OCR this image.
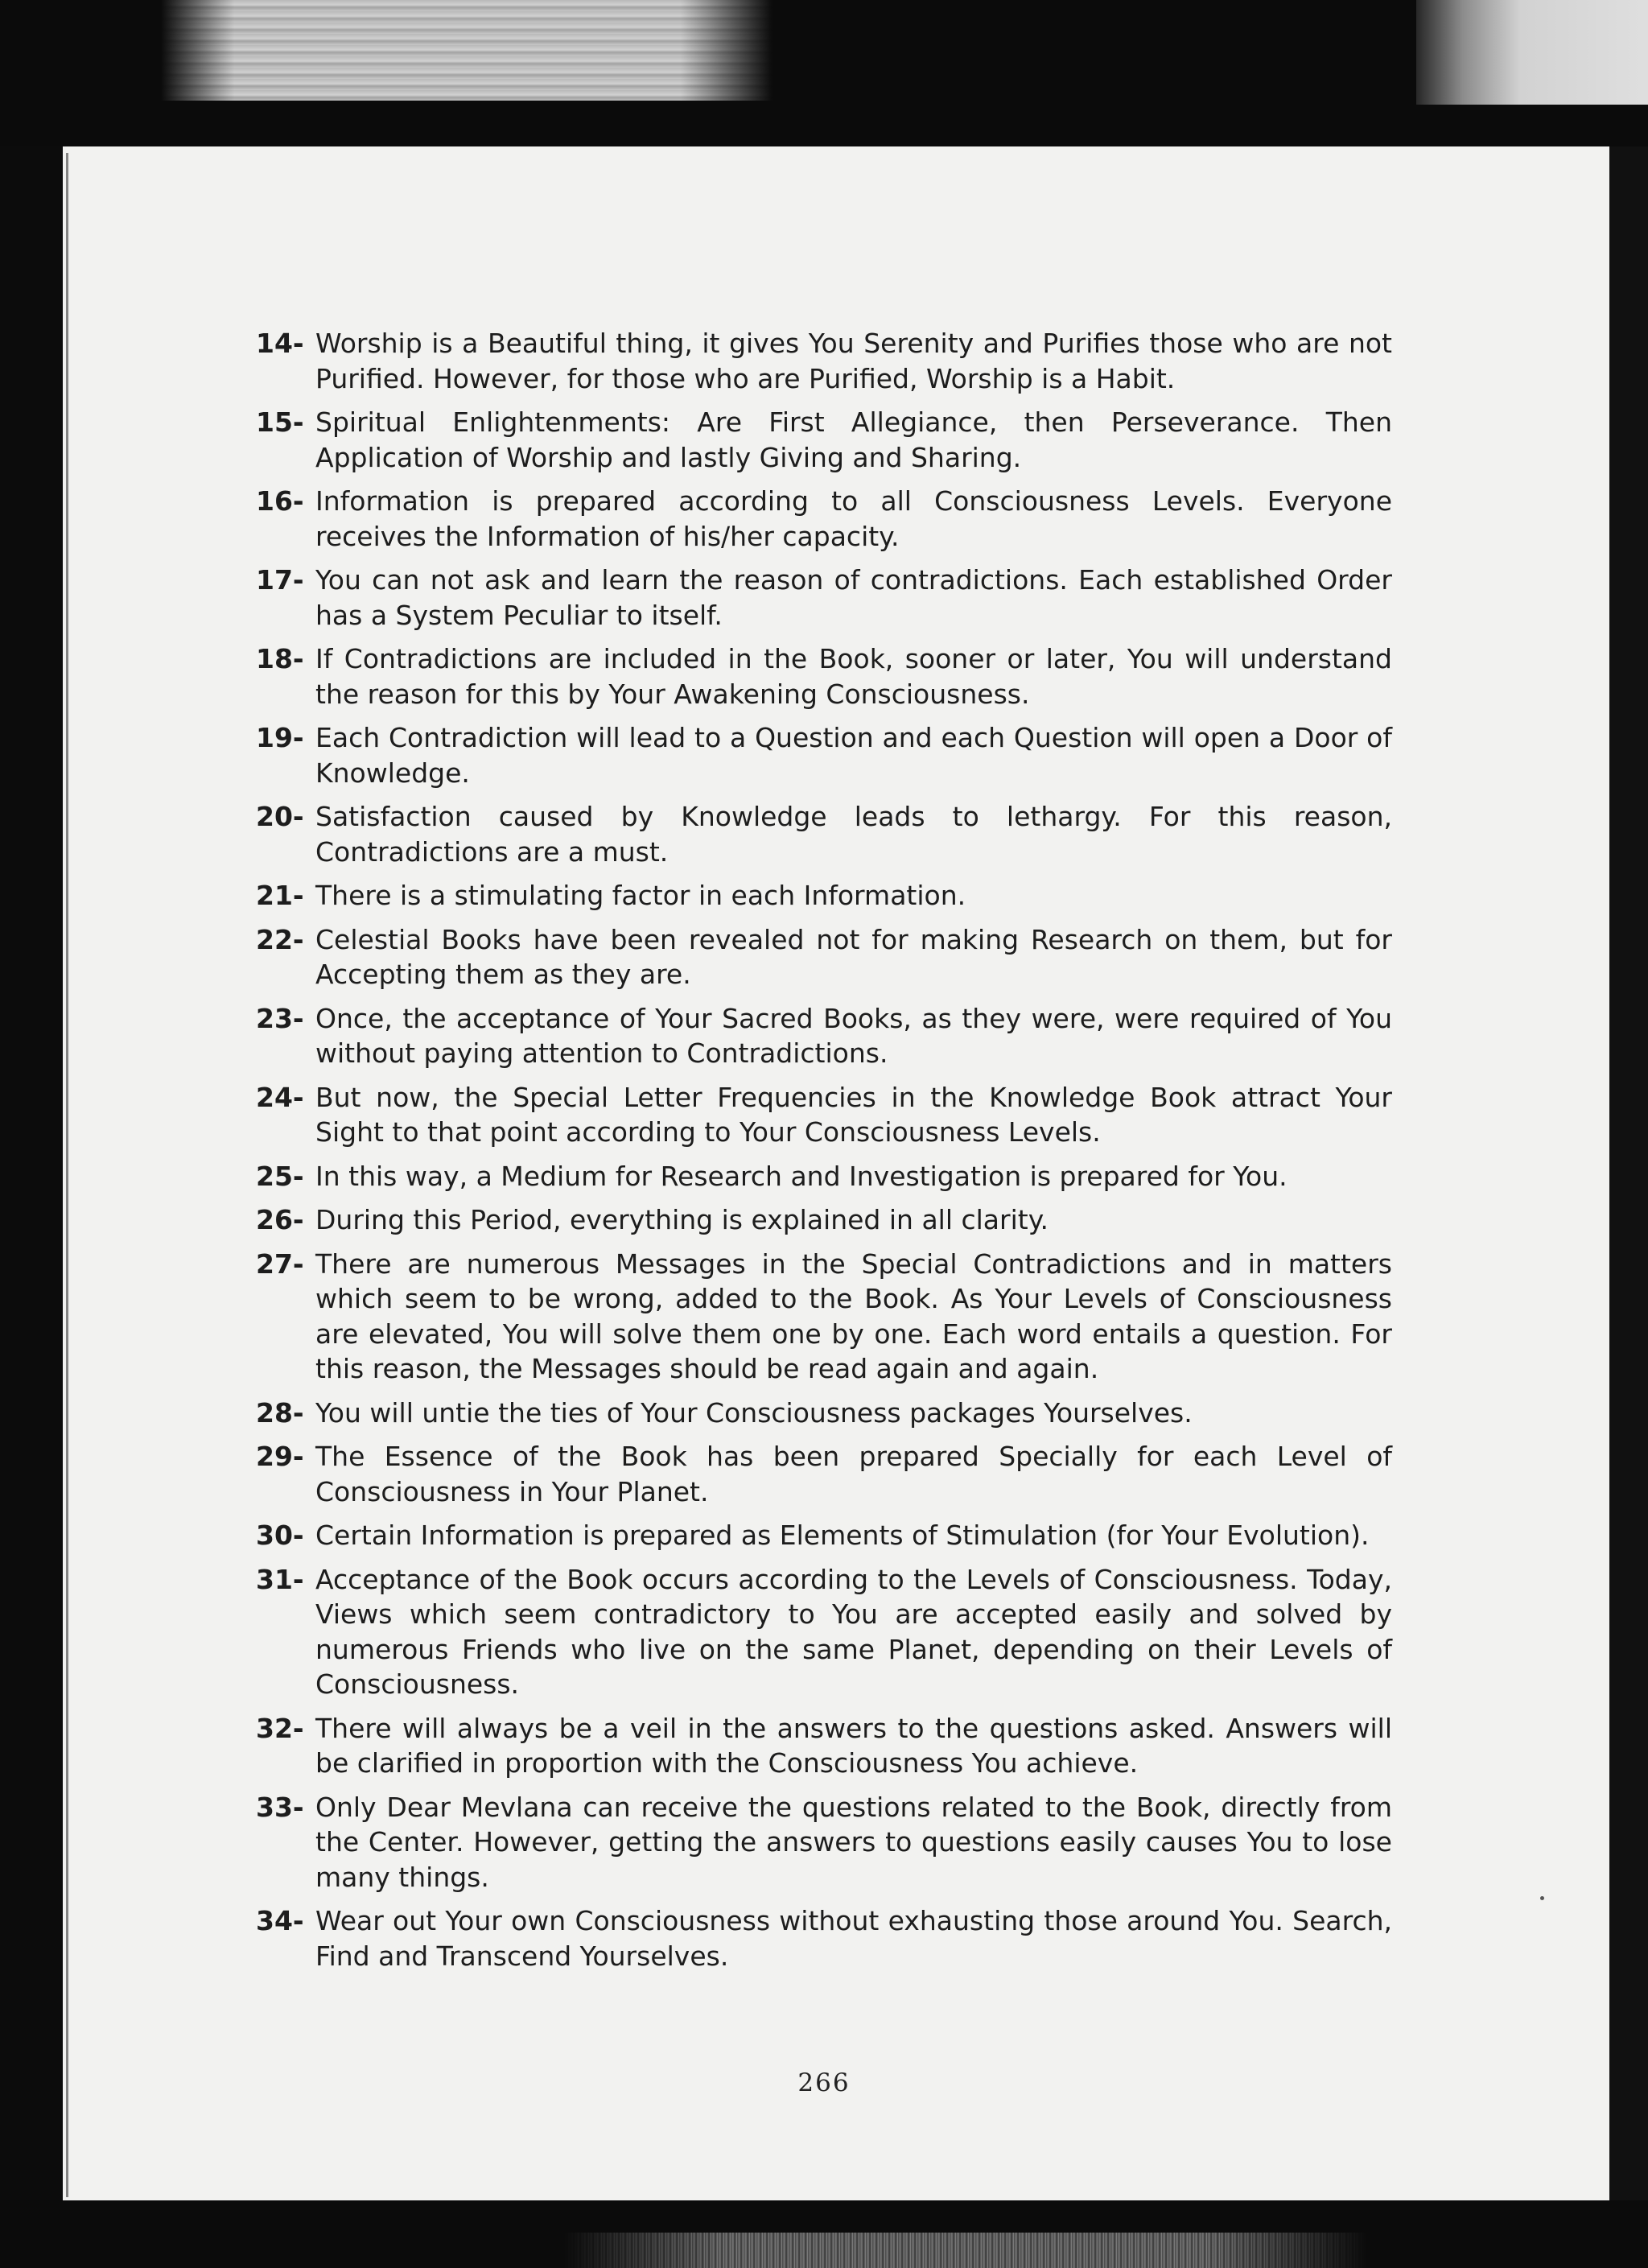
14- Worship is a Beautiful thing, it gives You Serenity and Purifies those who are not Purified. However, for those who are Purified, Worship is a Habit.
15- Spiritual Enlightenments: Are First Allegiance, then Perseverance. Then Application of Worship and lastly Giving and Sharing.
16- Information is prepared according to all Consciousness Levels. Everyone receives the Information of his/her capacity.
17- You can not ask and learn the reason of contradictions. Each established Order has a System Peculiar to itself.
18- If Contradictions are included in the Book, sooner or later, You will understand the reason for this by Your Awakening Consciousness.
19- Each Contradiction will lead to a Question and each Question will open a Door of Knowledge.
20- Satisfaction caused by Knowledge leads to lethargy. For this reason, Contradictions are a must.
21- There is a stimulating factor in each Information.
22- Celestial Books have been revealed not for making Research on them, but for Accepting them as they are.
23- Once, the acceptance of Your Sacred Books, as they were, were required of You without paying attention to Contradictions.
24- But now, the Special Letter Frequencies in the Knowledge Book attract Your Sight to that point according to Your Consciousness Levels.
25- In this way, a Medium for Research and Investigation is prepared for You.
26- During this Period, everything is explained in all clarity.
27- There are numerous Messages in the Special Contradictions and in matters which seem to be wrong, added to the Book. As Your Levels of Consciousness are elevated, You will solve them one by one. Each word entails a question. For this reason, the Messages should be read again and again.
28- You will untie the ties of Your Consciousness packages Yourselves.
29- The Essence of the Book has been prepared Specially for each Level of Consciousness in Your Planet.
30- Certain Information is prepared as Elements of Stimulation (for Your Evolution).
31- Acceptance of the Book occurs according to the Levels of Consciousness. Today, Views which seem contradictory to You are accepted easily and solved by numerous Friends who live on the same Planet, depending on their Levels of Consciousness.
32- There will always be a veil in the answers to the questions asked. Answers will be clarified in proportion with the Consciousness You achieve.
33- Only Dear Mevlana can receive the questions related to the Book, directly from the Center. However, getting the answers to questions easily causes You to lose many things.
34- Wear out Your own Consciousness without exhausting those around You. Search, Find and Transcend Yourselves.
266
